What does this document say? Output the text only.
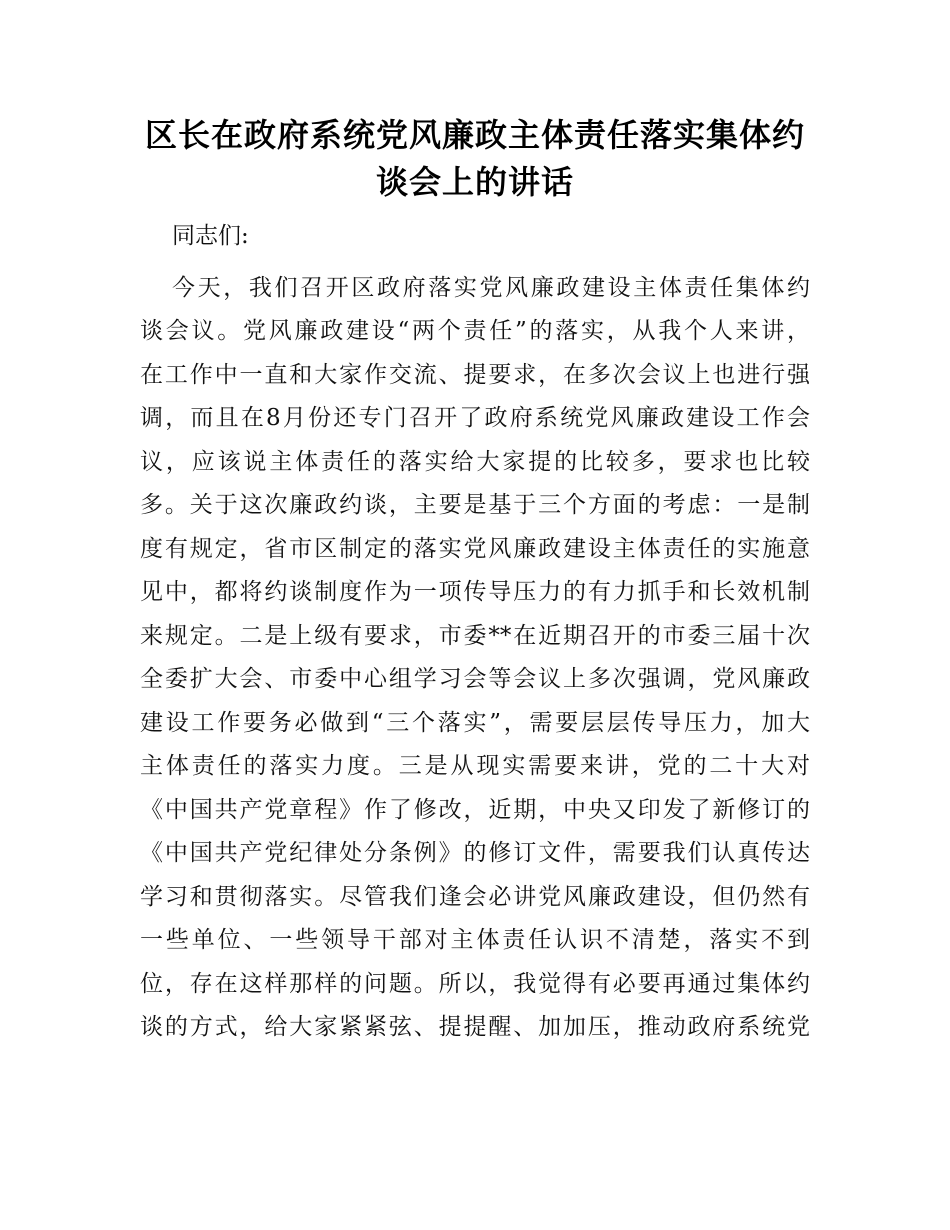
区长在政府系统党风廉政主体责任落实集体约
谈会上的讲话
同志们:
今天，我们召开区政府落实党风廉政建设主体责任集体约
谈会议。党风廉政建设“两个责任”的落实，从我个人来讲，
在工作中一直和大家作交流、提要求，在多次会议上也进行强
调，而且在8月份还专门召开了政府系统党风廉政建设工作会
议，应该说主体责任的落实给大家提的比较多，要求也比较
多。关于这次廉政约谈，主要是基于三个方面的考虑：一是制
度有规定，省市区制定的落实党风廉政建设主体责任的实施意
见中，都将约谈制度作为一项传导压力的有力抓手和长效机制
来规定。二是上级有要求，市委**在近期召开的市委三届十次
全委扩大会、市委中心组学习会等会议上多次强调，党风廉政
建设工作要务必做到“三个落实”，需要层层传导压力，加大
主体责任的落实力度。三是从现实需要来讲，党的二十大对
《中国共产党章程》作了修改，近期，中央又印发了新修订的
《中国共产党纪律处分条例》的修订文件，需要我们认真传达
学习和贯彻落实。尽管我们逢会必讲党风廉政建设，但仍然有
一些单位、一些领导干部对主体责任认识不清楚，落实不到
位，存在这样那样的问题。所以，我觉得有必要再通过集体约
谈的方式，给大家紧紧弦、提提醒、加加压，推动政府系统党
